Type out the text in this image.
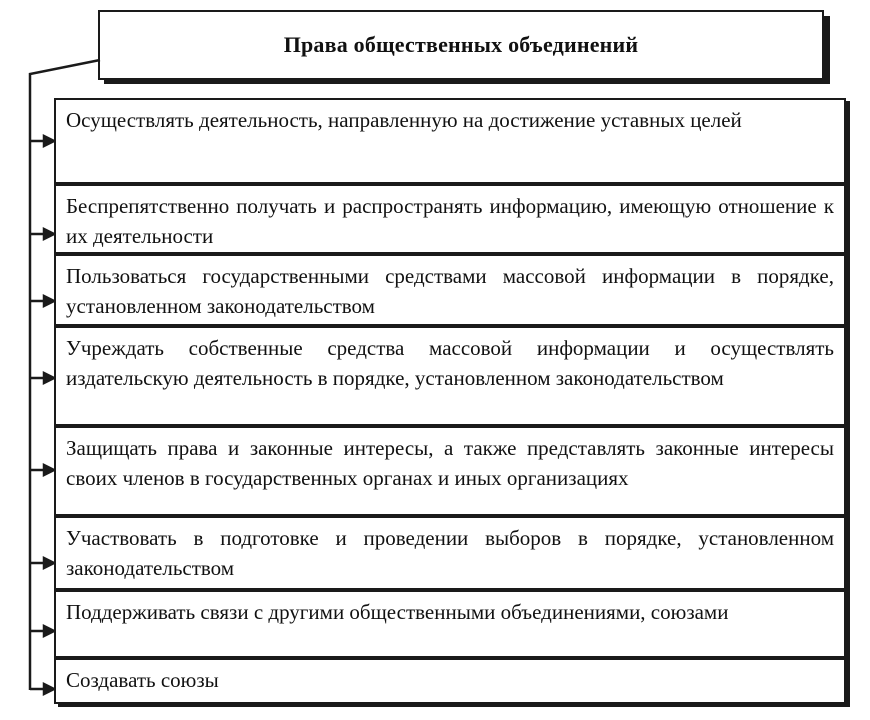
Права общественных объединений
Осуществлять деятельность, направленную на достижение уставных целей
Беспрепятственно получать и распространять информацию, имеющую отношение к их деятельности
Пользоваться государственными средствами массовой информации в порядке, установленном законодательством
Учреждать собственные средства массовой информации и осуществлять издательскую деятельность в порядке, установленном законодательством
Защищать права и законные интересы, а также представлять законные интересы своих членов в государственных органах и иных организациях
Участвовать в подготовке и проведении выборов в порядке, установленном законодательством
Поддерживать связи с другими общественными объединениями, союзами
Создавать союзы
